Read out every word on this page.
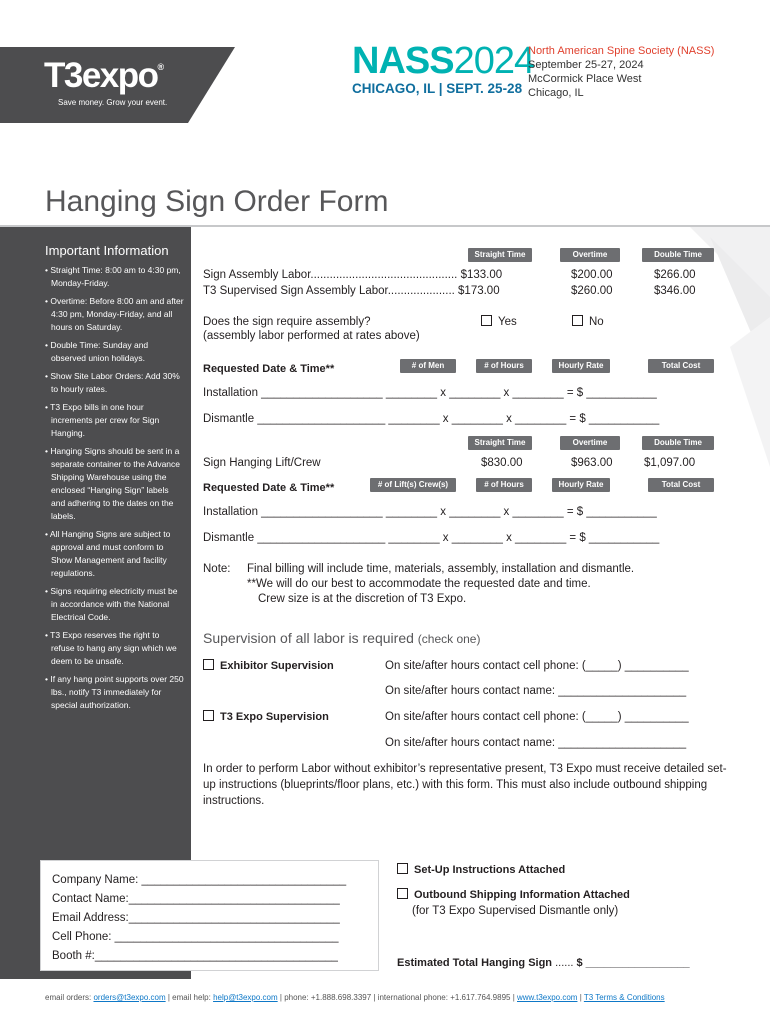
T3expo®
Save money. Grow your event.
NASS2024
CHICAGO, IL | SEPT. 25-28
North American Spine Society (NASS)
September 25-27, 2024
McCormick Place West
Chicago, IL
Hanging Sign Order Form
Important Information
• Straight Time: 8:00 am to 4:30 pm, Monday-Friday.
• Overtime: Before 8:00 am and after 4:30 pm, Monday-Friday, and all hours on Saturday.
• Double Time: Sunday and observed union holidays.
• Show Site Labor Orders: Add 30% to hourly rates.
• T3 Expo bills in one hour increments per crew for Sign Hanging.
• Hanging Signs should be sent in a separate container to the Advance Shipping Warehouse using the enclosed “Hanging Sign” labels and adhering to the dates on the labels.
• All Hanging Signs are subject to approval and must conform to Show Management and facility regulations.
• Signs requiring electricity must be in accordance with the National Electrical Code.
• T3 Expo reserves the right to refuse to hang any sign which we deem to be unsafe.
• If any hang point supports over 250 lbs., notify T3 immediately for special authorization.
Straight Time	Overtime	Double Time
Sign Assembly Labor.............................................. $133.00	$200.00	$266.00
T3 Supervised Sign Assembly Labor..................... $173.00	$260.00	$346.00
Does the sign require assembly?
(assembly labor performed at rates above)
Yes	No
Requested Date & Time**	# of Men	# of Hours	Hourly Rate	Total Cost
Installation ___________________ ________ x ________ x ________ = $ ___________
Dismantle ____________________ ________ x ________ x ________ = $ ___________
Straight Time	Overtime	Double Time
Sign Hanging Lift/Crew	$830.00	$963.00	$1,097.00
Requested Date & Time**	# of Lift(s) Crew(s)	# of Hours	Hourly Rate	Total Cost
Installation ___________________ ________ x ________ x ________ = $ ___________
Dismantle ____________________ ________ x ________ x ________ = $ ___________
Note: Final billing will include time, materials, assembly, installation and dismantle.
**We will do our best to accommodate the requested date and time.
Crew size is at the discretion of T3 Expo.
Supervision of all labor is required (check one)
Exhibitor Supervision	On site/after hours contact cell phone: (_____) __________
On site/after hours contact name: ____________________
T3 Expo Supervision	On site/after hours contact cell phone: (_____) __________
On site/after hours contact name: ____________________
In order to perform Labor without exhibitor’s representative present, T3 Expo must receive detailed set-up instructions (blueprints/floor plans, etc.) with this form. This must also include outbound shipping instructions.
Company Name: ________________________________
Contact Name:_________________________________
Email Address:_________________________________
Cell Phone: ___________________________________
Booth #:______________________________________
Set-Up Instructions Attached
Outbound Shipping Information Attached
(for T3 Expo Supervised Dismantle only)
Estimated Total Hanging Sign ...... $ _________________
email orders: orders@t3expo.com | email help: help@t3expo.com | phone: +1.888.698.3397 | international phone: +1.617.764.9895 | www.t3expo.com | T3 Terms & Conditions
